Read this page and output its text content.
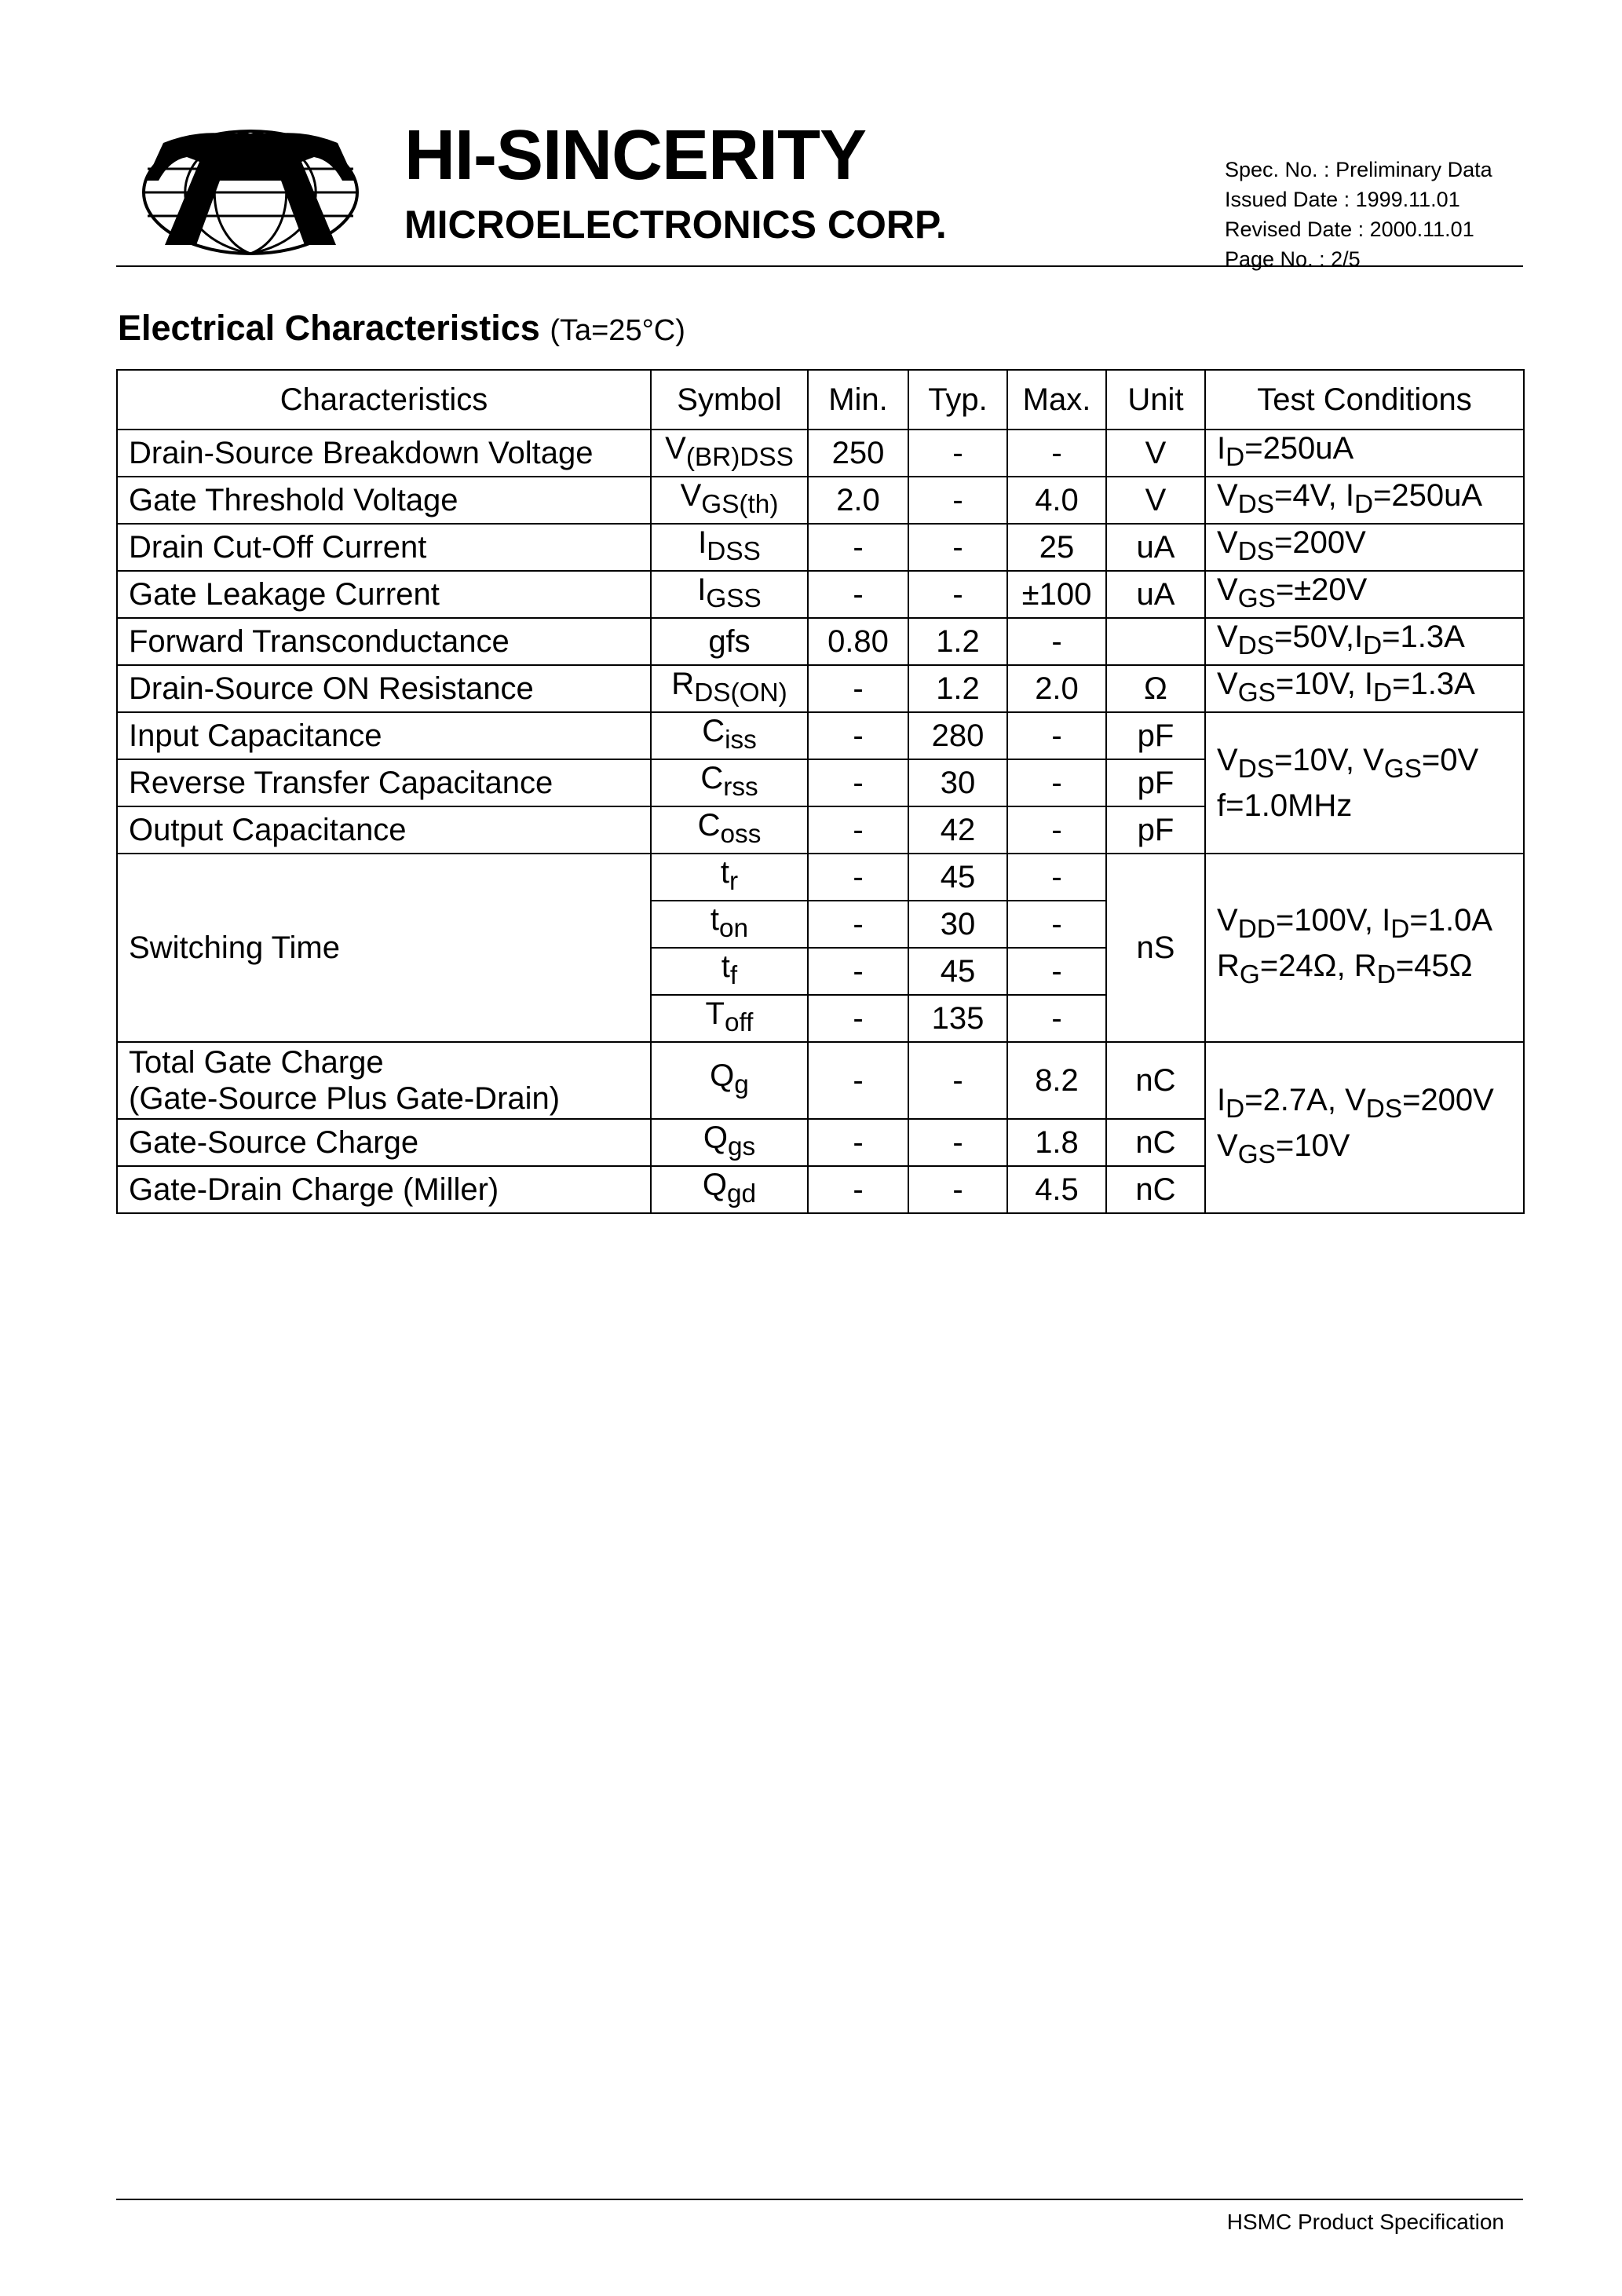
HI-SINCERITY
MICROELECTRONICS CORP.
Spec. No. : Preliminary Data
Issued Date : 1999.11.01
Revised Date : 2000.11.01
Page No. : 2/5
Electrical Characteristics (Ta=25°C)
Characteristics	Symbol	Min.	Typ.	Max.	Unit	Test Conditions
Drain-Source Breakdown Voltage	$V_{(BR)DSS}$	250	-	-	V	$I_D=250uA$
Gate Threshold Voltage	$V_{GS(th)}$	2.0	-	4.0	V	$V_{DS}=4V$, $I_D=250uA$
Drain Cut-Off Current	$I_{DSS}$	-	-	25	uA	$V_{DS}=200V$
Gate Leakage Current	$I_{GSS}$	-	-	±100	uA	$V_{GS}=\pm 20V$
Forward Transconductance	gfs	0.80	1.2	-		$V_{DS}=50V,I_D=1.3A$
Drain-Source ON Resistance	$R_{DS(ON)}$	-	1.2	2.0	Ω	$V_{GS}=10V$, $I_D=1.3A$
Input Capacitance	$C_{iss}$	-	280	-	pF	$V_{DS}=10V$, $V_{GS}=0V$
f=1.0MHz
Reverse Transfer Capacitance	$C_{rss}$	-	30	-	pF	
Output Capacitance	$C_{oss}$	-	42	-	pF	
Switching Time	$t_r$	-	45	-	nS	$V_{DD}=100V$, $I_D=1.0A$
$R_G=24\Omega$, $R_D=45\Omega$
	$t_{on}$	-	30	-		
	$t_f$	-	45	-		
	$T_{off}$	-	135	-		
Total Gate Charge
(Gate-Source Plus Gate-Drain)	$Q_g$	-	-	8.2	nC	$I_D=2.7A$, $V_{DS}=200V$
$V_{GS}=10V$
Gate-Source Charge	$Q_{gs}$	-	-	1.8	nC	
Gate-Drain Charge (Miller)	$Q_{gd}$	-	-	4.5	nC	
HSMC Product Specification
